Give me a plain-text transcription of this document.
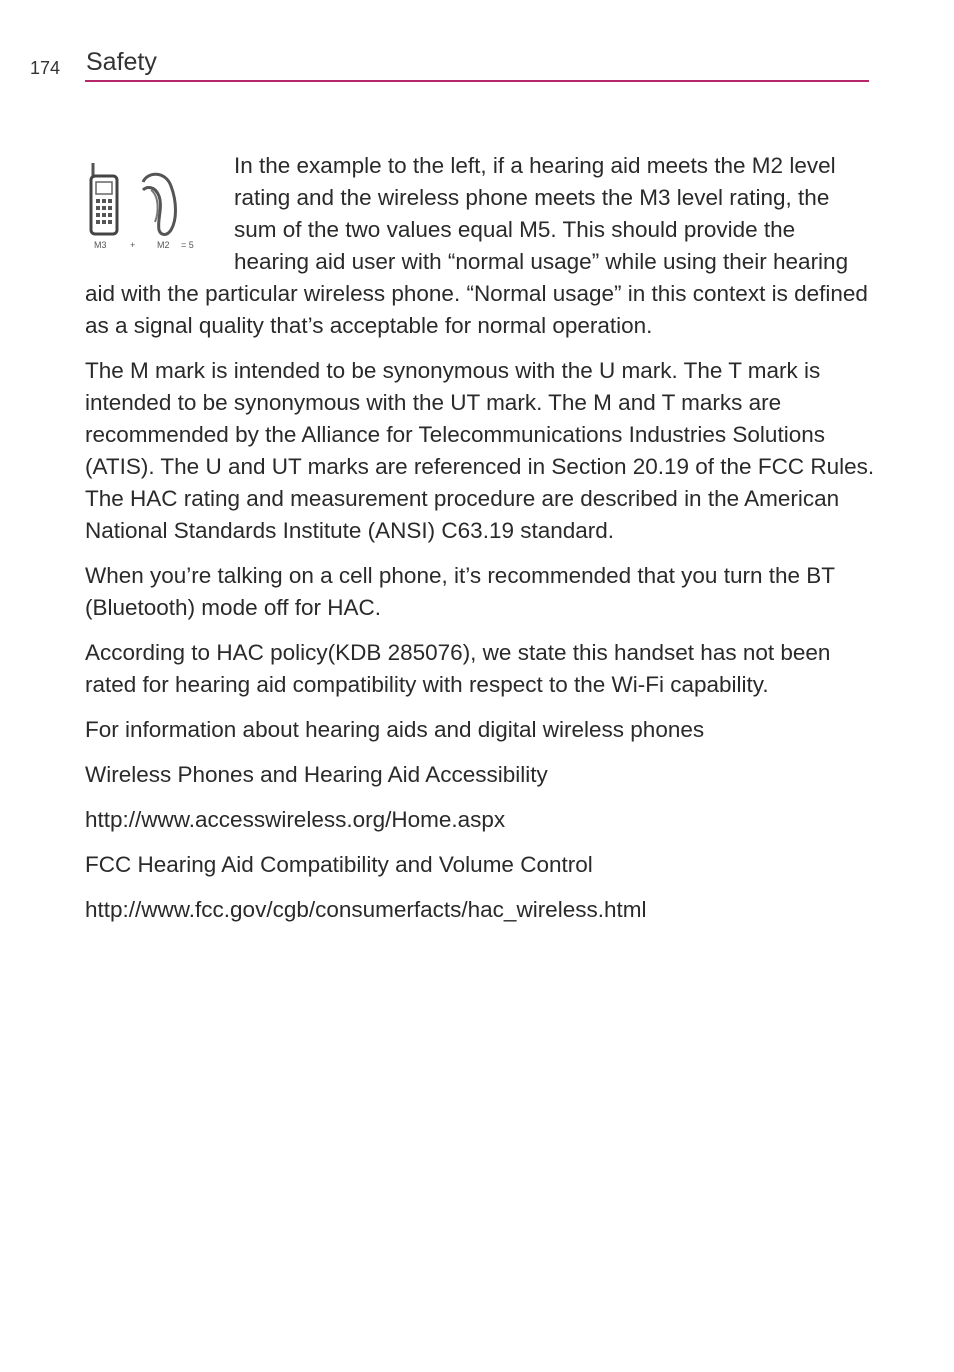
174 Safety
M3	+ M2 = 5

In the example to the left, if a hearing aid meets the M2 level rating and the wireless phone meets the M3 level rating, the sum of the two values equal M5. This should provide the hearing aid user with “normal usage” while using their hearing aid with the particular wireless phone. “Normal usage” in this context is defined as a signal quality that’s acceptable for normal operation.

The M mark is intended to be synonymous with the U mark. The T mark is intended to be synonymous with the UT mark. The M and T marks are recommended by the Alliance for Telecommunications Industries Solutions (ATIS). The U and UT marks are referenced in Section 20.19 of the FCC Rules. The HAC rating and measurement procedure are described in the American National Standards Institute (ANSI) C63.19 standard.

When you’re talking on a cell phone, it’s recommended that you turn the BT (Bluetooth) mode off for HAC.

According to HAC policy(KDB 285076), we state this handset has not been rated for hearing aid compatibility with respect to the Wi-Fi capability.

For information about hearing aids and digital wireless phones

Wireless Phones and Hearing Aid Accessibility

http://www.accesswireless.org/Home.aspx

FCC Hearing Aid Compatibility and Volume Control

http://www.fcc.gov/cgb/consumerfacts/hac_wireless.html
